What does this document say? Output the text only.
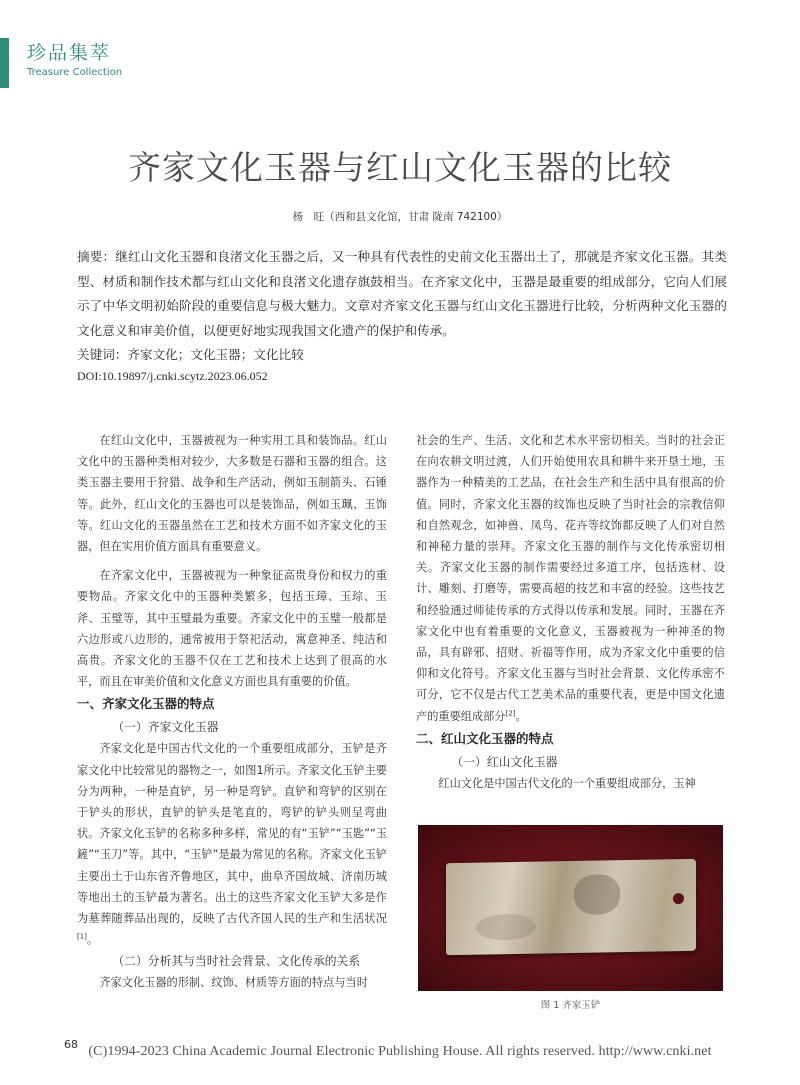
珍品集萃
Treasure Collection
齐家文化玉器与红山文化玉器的比较
杨　旺（西和县文化馆，甘肃 陇南 742100）
摘要：继红山文化玉器和良渚文化玉器之后，又一种具有代表性的史前文化玉器出土了，那就是齐家文化玉器。其类型、材质和制作技术都与红山文化和良渚文化遗存旗鼓相当。在齐家文化中，玉器是最重要的组成部分，它向人们展示了中华文明初始阶段的重要信息与极大魅力。文章对齐家文化玉器与红山文化玉器进行比较，分析两种文化玉器的文化意义和审美价值，以便更好地实现我国文化遗产的保护和传承。
关键词：齐家文化；文化玉器；文化比较
DOI:10.19897/j.cnki.scytz.2023.06.052

在红山文化中，玉器被视为一种实用工具和装饰品。红山文化中的玉器种类相对较少，大多数是石器和玉器的组合。这类玉器主要用于狩猎、战争和生产活动，例如玉制箭头、石锤等。此外，红山文化的玉器也可以是装饰品，例如玉珮、玉饰等。红山文化的玉器虽然在工艺和技术方面不如齐家文化的玉器，但在实用价值方面具有重要意义。

在齐家文化中，玉器被视为一种象征高贵身份和权力的重要物品。齐家文化中的玉器种类繁多，包括玉璋、玉琮、玉斧、玉璧等，其中玉璧最为重要。齐家文化中的玉璧一般都是六边形或八边形的，通常被用于祭祀活动，寓意神圣、纯洁和高贵。齐家文化的玉器不仅在工艺和技术上达到了很高的水平，而且在审美价值和文化意义方面也具有重要的价值。

一、齐家文化玉器的特点
（一）齐家文化玉器

齐家文化是中国古代文化的一个重要组成部分，玉铲是齐家文化中比较常见的器物之一，如图1所示。齐家文化玉铲主要分为两种，一种是直铲，另一种是弯铲。直铲和弯铲的区别在于铲头的形状，直铲的铲头是笔直的，弯铲的铲头则呈弯曲状。齐家文化玉铲的名称多种多样，常见的有“玉铲”“玉匙”“玉鏟”“玉刀”等。其中，“玉铲”是最为常见的名称。齐家文化玉铲主要出土于山东省齐鲁地区，其中，曲阜齐国故城、济南历城等地出土的玉铲最为著名。出土的这些齐家文化玉铲大多是作为墓葬随葬品出现的，反映了古代齐国人民的生产和生活状况[1]。

（二）分析其与当时社会背景、文化传承的关系

齐家文化玉器的形制、纹饰、材质等方面的特点与当时

社会的生产、生活、文化和艺术水平密切相关。当时的社会正在向农耕文明过渡，人们开始使用农具和耕牛来开垦土地，玉器作为一种精美的工艺品，在社会生产和生活中具有很高的价值。同时，齐家文化玉器的纹饰也反映了当时社会的宗教信仰和自然观念，如神兽、凤鸟、花卉等纹饰都反映了人们对自然和神秘力量的崇拜。齐家文化玉器的制作与文化传承密切相关。齐家文化玉器的制作需要经过多道工序，包括选材、设计、雕刻、打磨等，需要高超的技艺和丰富的经验。这些技艺和经验通过师徒传承的方式得以传承和发展。同时，玉器在齐家文化中也有着重要的文化意义，玉器被视为一种神圣的物品，具有辟邪、招财、祈福等作用，成为齐家文化中重要的信仰和文化符号。齐家文化玉器与当时社会背景、文化传承密不可分，它不仅是古代工艺美术品的重要代表，更是中国文化遗产的重要组成部分[2]。

二、红山文化玉器的特点
（一）红山文化玉器

红山文化是中国古代文化的一个重要组成部分，玉神

图 1 齐家玉铲
68 (C)1994-2023 China Academic Journal Electronic Publishing House. All rights reserved. http://www.cnki.net
